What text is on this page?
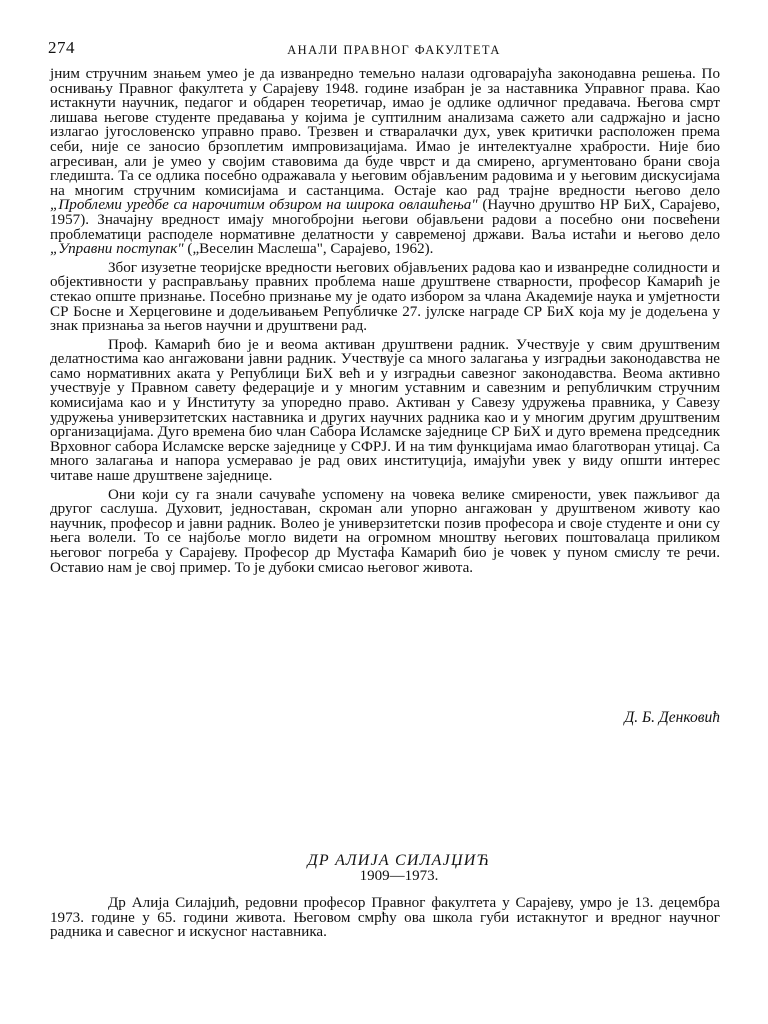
274	АНАЛИ ПРАВНОГ ФАКУЛТЕТА

јним стручним знањем умео је да изванредно темељно налази одговарајућа законодавна решења. По оснивању Правног факултета у Сарајеву 1948. године изабран је за наставника Управног права. Као истакнути научник, педагог и обдарен теоретичар, имао је одлике одличног предавача. Његова смрт лишава његове студенте предавања у којима је суптилним анализама сажето али садржајно и јасно излагао југословенско управно право. Трезвен и стваралачки дух, увек критички расположен према себи, није се заносио брзоплетим импровизацијама. Имао је интелектуалне храбрости. Није био агресиван, али је умео у својим ставовима да буде чврст и да смирено, аргументовано брани своја гледишта. Та се одлика посебно одражавала у његовим објављеним радовима и у његовим дискусијама на многим стручним комисијама и састанцима. Остаје као рад трајне вредности његово дело „Проблеми уредбе са нарочитим обзиром на широка овлашћења" (Научно друштво НР БиХ, Сарајево, 1957). Значајну вредност имају многобројни његови објављени радови а посебно они посвећени проблематици расподеле нормативне делатности у савременој држави. Ваља истаћи и његово дело „Управни поступак" („Веселин Маслеша", Сарајево, 1962).

Због изузетне теоријске вредности његових објављених радова као и изванредне солидности и објективности у расправљању правних проблема наше друштвене стварности, професор Камарић је стекао опште признање. Посебно признање му је одато избором за члана Академије наука и умјетности СР Босне и Херцеговине и додељивањем Републичке 27. јулске награде СР БиХ која му је додељена у знак признања за његов научни и друштвени рад.

Проф. Камарић био је и веома активан друштвени радник. Учествује у свим друштвеним делатностима као ангажовани јавни радник. Учествује са много залагања у изградњи законодавства не само нормативних аката у Републици БиХ већ и у изградњи савезног законодавства. Веома активно учествује у Правном савету федерације и у многим уставним и савезним и републичким стручним комисијама као и у Институту за упоредно право. Активан у Савезу удружења правника, у Савезу удружења универзитетских наставника и других научних радника као и у многим другим друштвеним организацијама. Дуго времена био члан Сабора Исламске заједнице СР БиХ и дуго времена председник Врховног сабора Исламске верске заједнице у СФРЈ. И на тим функцијама имао благотворан утицај. Са много залагања и напора усмеравао је рад ових институција, имајући увек у виду општи интерес читаве наше друштвене заједнице.

Они који су га знали сачуваће успомену на човека велике смирености, увек пажљивог да другог саслуша. Духовит, једноставан, скроман али упорно ангажован у друштвеном животу као научник, професор и јавни радник. Волео је универзитетски позив професора и своје студенте и они су њега волели. То се најбоље могло видети на огромном мноштву његових поштовалаца приликом његовог погреба у Сарајеву. Професор др Мустафа Камарић био је човек у пуном смислу те речи. Оставио нам је свој пример. То је дубоки смисао његовог живота.

Д. Б. Денковић
ДР АЛИЈА СИЛАЈЏИЋ
1909—1973.

Др Алија Силајџић, редовни професор Правног факултета у Сарајеву, умро је 13. децембра 1973. године у 65. години живота. Његовом смрћу ова школа губи истакнутог и вредног научног радника и савесног и искусног наставника.
